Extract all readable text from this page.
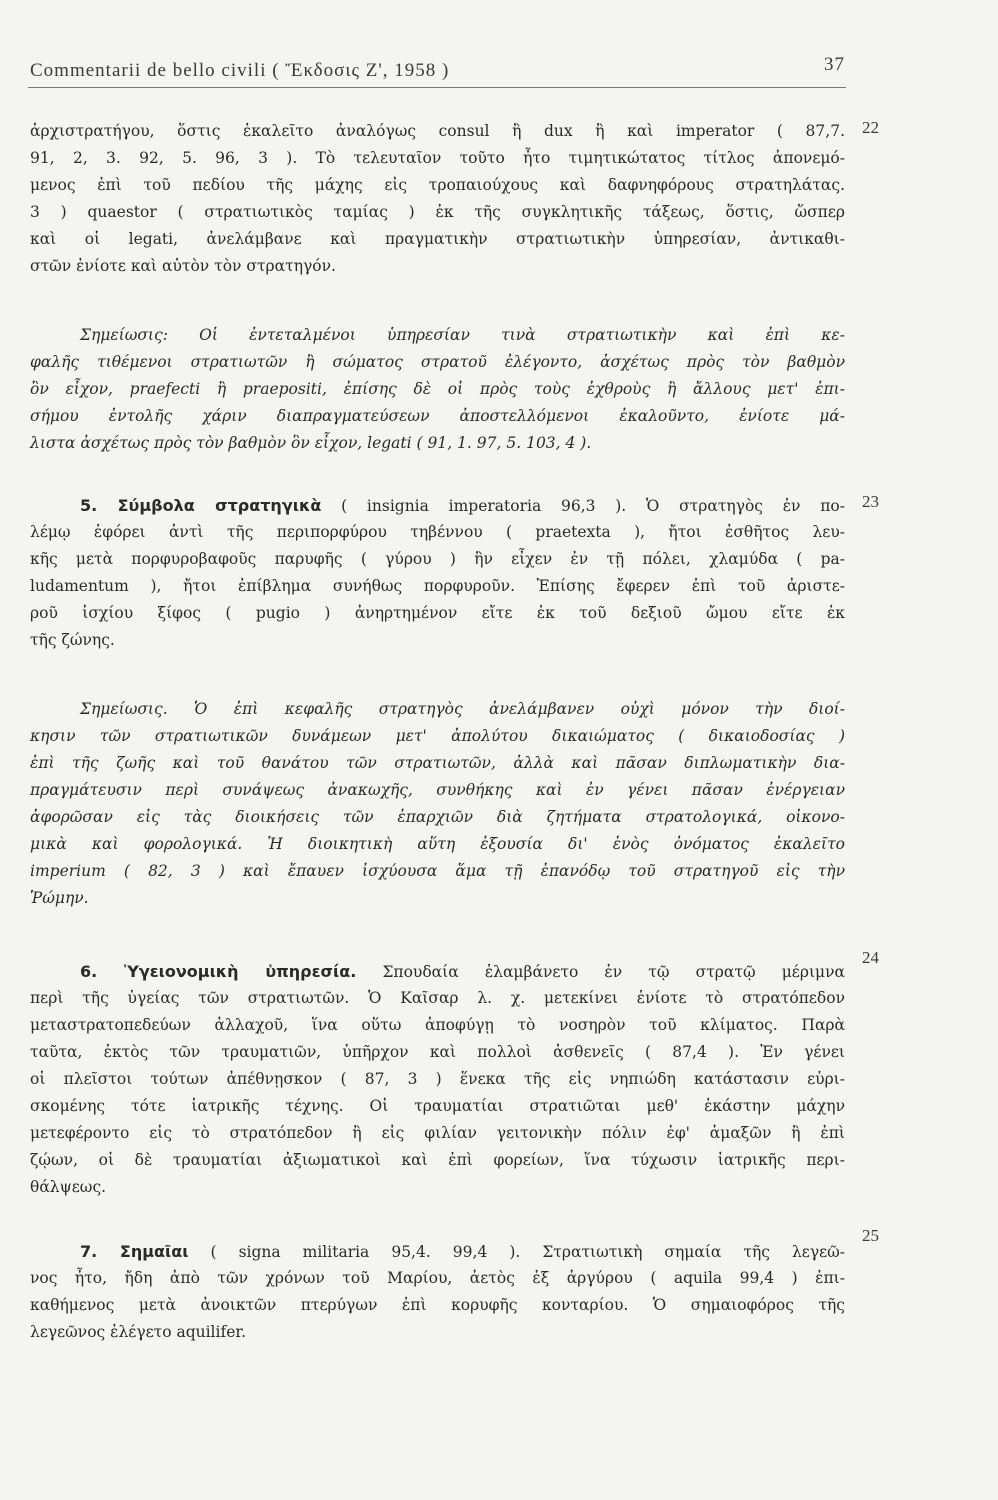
Commentarii de bello civili ( Ἔκδοσις Ζ', 1958 )	37
22
23
24
25
ἀρχιστρατήγου, ὅστις ἐκαλεῖτο ἀναλόγως consul ἢ dux ἢ καὶ imperator ( 87,7.
91, 2, 3. 92, 5. 96, 3 ). Τὸ τελευταῖον τοῦτο ἦτο τιμητικώτατος τίτλος ἀπονεμό-
μενος ἐπὶ τοῦ πεδίου τῆς μάχης εἰς τροπαιούχους καὶ δαφνηφόρους στρατηλάτας.
3 ) quaestor ( στρατιωτικὸς ταμίας ) ἐκ τῆς συγκλητικῆς τάξεως, ὅστις, ὥσπερ
καὶ οἱ legati, ἀνελάμβανε καὶ πραγματικὴν στρατιωτικὴν ὑπηρεσίαν, ἀντικαθι-
στῶν ἐνίοτε καὶ αὐτὸν τὸν στρατηγόν.
Σημείωσις: Οἱ ἐντεταλμένοι ὑπηρεσίαν τινὰ στρατιωτικὴν καὶ ἐπὶ κε-
φαλῆς τιθέμενοι στρατιωτῶν ἢ σώματος στρατοῦ ἐλέγοντο, ἀσχέτως πρὸς τὸν βαθμὸν
ὃν εἶχον, praefecti ἢ praepositi, ἐπίσης δὲ οἱ πρὸς τοὺς ἐχθροὺς ἢ ἄλλους μετ' ἐπι-
σήμου ἐντολῆς χάριν διαπραγματεύσεων ἀποστελλόμενοι ἐκαλοῦντο, ἐνίοτε μά-
λιστα ἀσχέτως πρὸς τὸν βαθμὸν ὃν εἶχον, legati ( 91, 1. 97, 5. 103, 4 ).
5. Σύμβολα στρατηγικὰ ( insignia imperatoria 96,3 ). Ὁ στρατηγὸς ἐν πο-
λέμῳ ἐφόρει ἀντὶ τῆς περιπορφύρου τηβέννου ( praetexta ), ἤτοι ἐσθῆτος λευ-
κῆς μετὰ πορφυροβαφοῦς παρυφῆς ( γύρου ) ἣν εἶχεν ἐν τῇ πόλει, χλαμύδα ( pa-
ludamentum ), ἤτοι ἐπίβλημα συνήθως πορφυροῦν. Ἐπίσης ἔφερεν ἐπὶ τοῦ ἀριστε-
ροῦ ἰσχίου ξίφος ( pugio ) ἀνηρτημένον εἴτε ἐκ τοῦ δεξιοῦ ὤμου εἴτε ἐκ
τῆς ζώνης.
Σημείωσις. Ὁ ἐπὶ κεφαλῆς στρατηγὸς ἀνελάμβανεν οὐχὶ μόνον τὴν διοί-
κησιν τῶν στρατιωτικῶν δυνάμεων μετ' ἀπολύτου δικαιώματος ( δικαιοδοσίας )
ἐπὶ τῆς ζωῆς καὶ τοῦ θανάτου τῶν στρατιωτῶν, ἀλλὰ καὶ πᾶσαν διπλωματικὴν δια-
πραγμάτευσιν περὶ συνάψεως ἀνακωχῆς, συνθήκης καὶ ἐν γένει πᾶσαν ἐνέργειαν
ἀφορῶσαν εἰς τὰς διοικήσεις τῶν ἐπαρχιῶν διὰ ζητήματα στρατολογικά, οἰκονο-
μικὰ καὶ φορολογικά. Ἡ διοικητικὴ αὕτη ἐξουσία δι' ἑνὸς ὀνόματος ἐκαλεῖτο
imperium ( 82, 3 ) καὶ ἔπαυεν ἰσχύουσα ἅμα τῇ ἐπανόδῳ τοῦ στρατηγοῦ εἰς τὴν
Ῥώμην.
6. Ὑγειονομικὴ ὑπηρεσία. Σπουδαία ἐλαμβάνετο ἐν τῷ στρατῷ μέριμνα
περὶ τῆς ὑγείας τῶν στρατιωτῶν. Ὁ Καῖσαρ λ. χ. μετεκίνει ἐνίοτε τὸ στρατόπεδον
μεταστρατοπεδεύων ἀλλαχοῦ, ἵνα οὕτω ἀποφύγῃ τὸ νοσηρὸν τοῦ κλίματος. Παρὰ
ταῦτα, ἐκτὸς τῶν τραυματιῶν, ὑπῆρχον καὶ πολλοὶ ἀσθενεῖς ( 87,4 ). Ἐν γένει
οἱ πλεῖστοι τούτων ἀπέθνῃσκον ( 87, 3 ) ἕνεκα τῆς εἰς νηπιώδη κατάστασιν εὑρι-
σκομένης τότε ἰατρικῆς τέχνης. Οἱ τραυματίαι στρατιῶται μεθ' ἑκάστην μάχην
μετεφέροντο εἰς τὸ στρατόπεδον ἢ εἰς φιλίαν γειτονικὴν πόλιν ἐφ' ἁμαξῶν ἢ ἐπὶ
ζῴων, οἱ δὲ τραυματίαι ἀξιωματικοὶ καὶ ἐπὶ φορείων, ἵνα τύχωσιν ἰατρικῆς περι-
θάλψεως.
7. Σημαῖαι ( signa militaria 95,4. 99,4 ). Στρατιωτικὴ σημαία τῆς λεγεῶ-
νος ἦτο, ἤδη ἀπὸ τῶν χρόνων τοῦ Μαρίου, ἀετὸς ἐξ ἀργύρου ( aquila 99,4 ) ἐπι-
καθήμενος μετὰ ἀνοικτῶν πτερύγων ἐπὶ κορυφῆς κονταρίου. Ὁ σημαιοφόρος τῆς
λεγεῶνος ἐλέγετο aquilifer.
